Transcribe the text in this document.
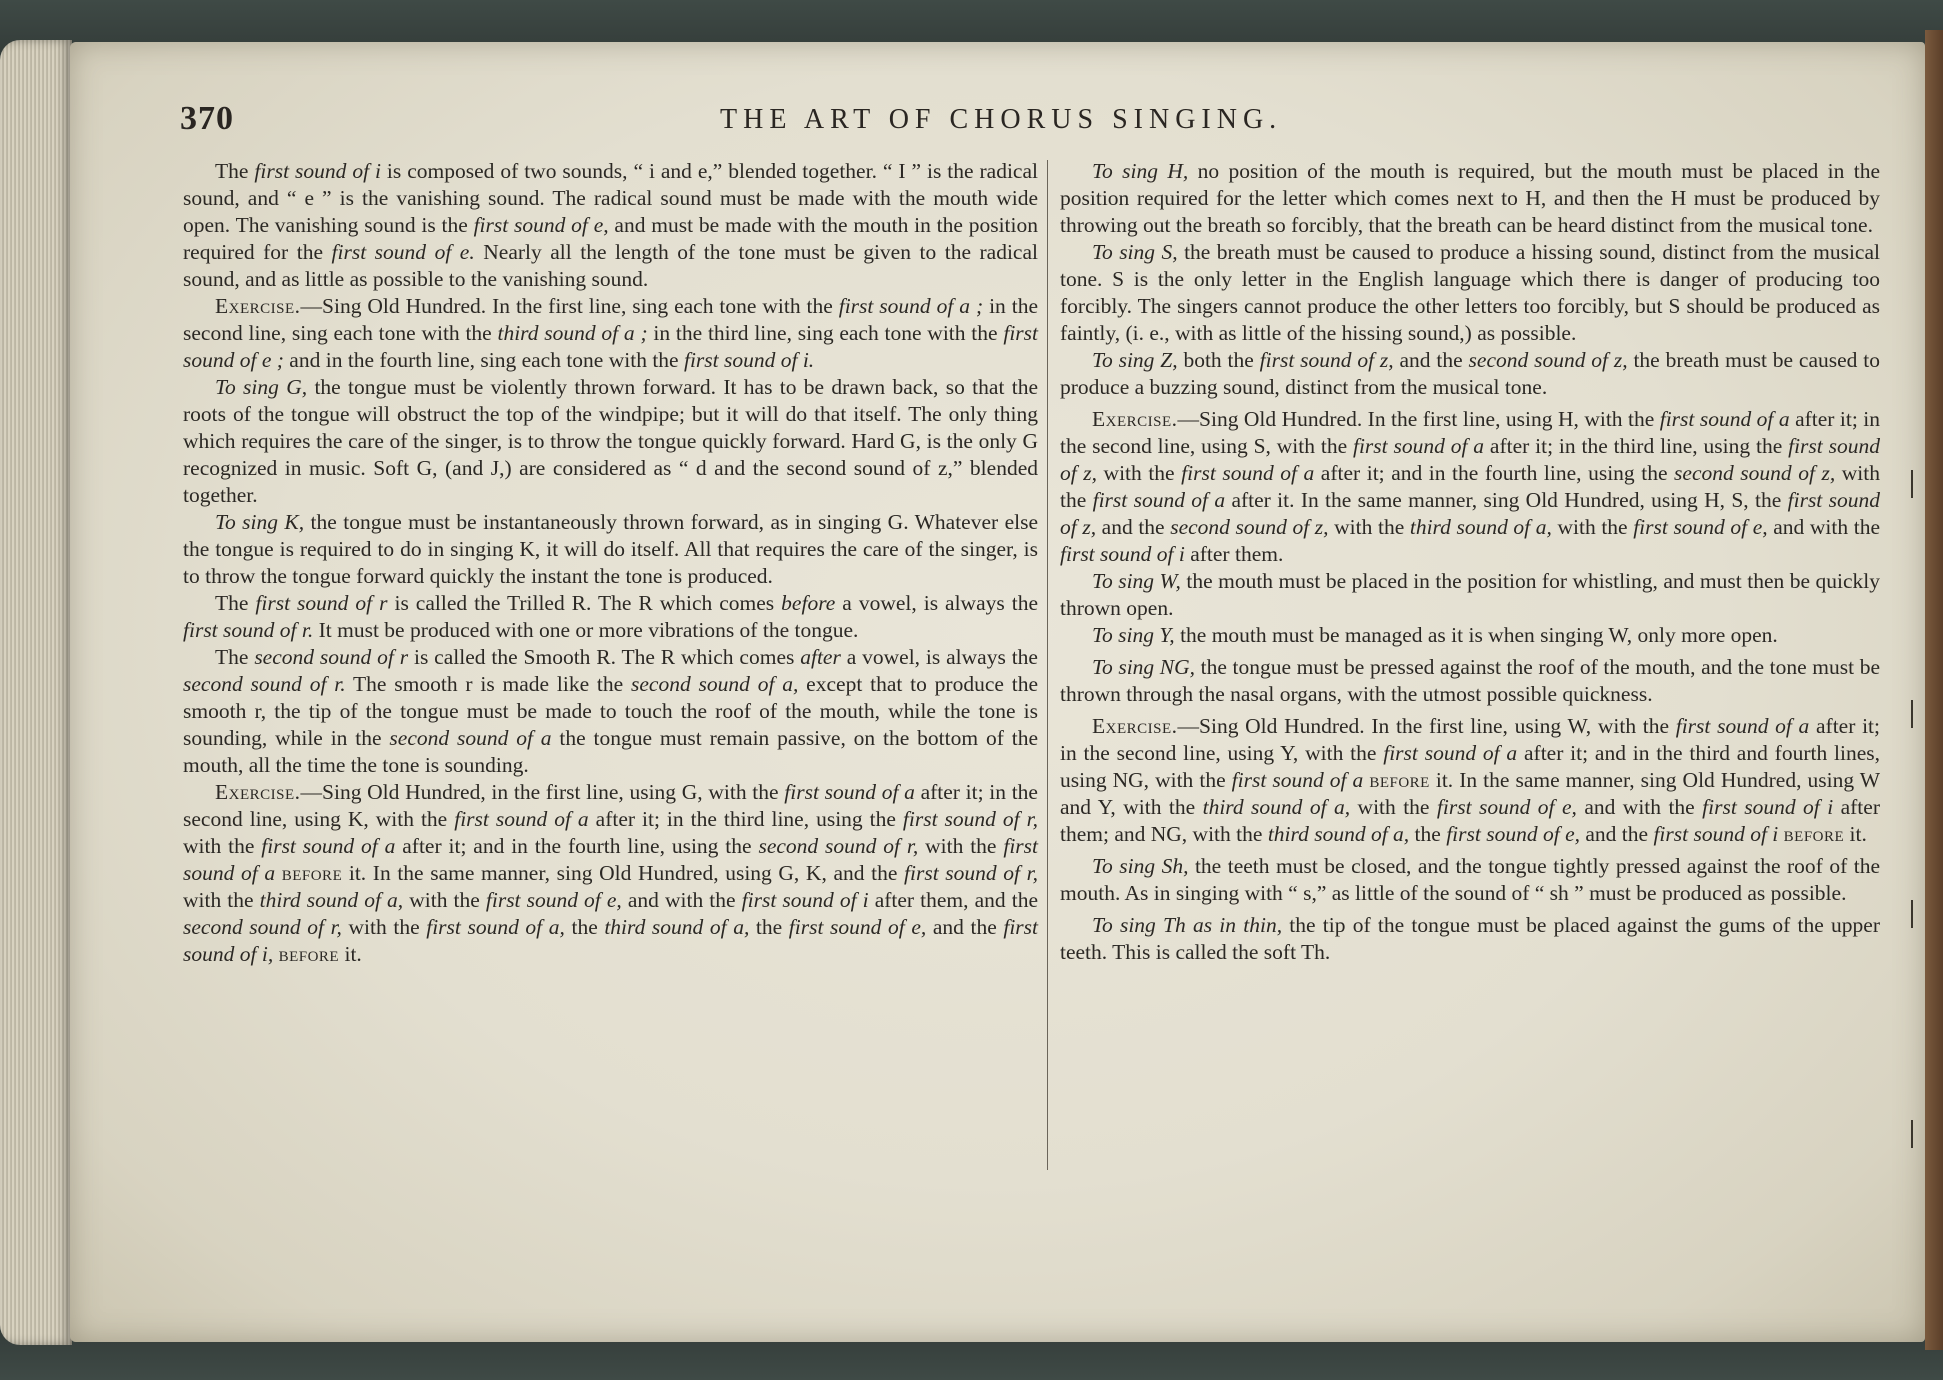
370	THE ART OF CHORUS SINGING.

The first sound of i is composed of two sounds, “ i and e,” blended together. “ I ” is the radical sound, and “ e ” is the vanishing sound. The radical sound must be made with the mouth wide open. The vanishing sound is the first sound of e, and must be made with the mouth in the position required for the first sound of e. Nearly all the length of the tone must be given to the radical sound, and as little as possible to the vanishing sound.

Exercise.—Sing Old Hundred. In the first line, sing each tone with the first sound of a ; in the second line, sing each tone with the third sound of a ; in the third line, sing each tone with the first sound of e ; and in the fourth line, sing each tone with the first sound of i.

To sing G, the tongue must be violently thrown forward. It has to be drawn back, so that the roots of the tongue will obstruct the top of the windpipe; but it will do that itself. The only thing which requires the care of the singer, is to throw the tongue quickly forward. Hard G, is the only G recognized in music. Soft G, (and J,) are considered as “ d and the second sound of z,” blended together.

To sing K, the tongue must be instantaneously thrown forward, as in singing G. Whatever else the tongue is required to do in singing K, it will do itself. All that requires the care of the singer, is to throw the tongue forward quickly the instant the tone is produced.

The first sound of r is called the Trilled R. The R which comes before a vowel, is always the first sound of r. It must be produced with one or more vibrations of the tongue.

The second sound of r is called the Smooth R. The R which comes after a vowel, is always the second sound of r. The smooth r is made like the second sound of a, except that to produce the smooth r, the tip of the tongue must be made to touch the roof of the mouth, while the tone is sounding, while in the second sound of a the tongue must remain passive, on the bottom of the mouth, all the time the tone is sounding.

Exercise.—Sing Old Hundred, in the first line, using G, with the first sound of a after it; in the second line, using K, with the first sound of a after it; in the third line, using the first sound of r, with the first sound of a after it; and in the fourth line, using the second sound of r, with the first sound of a before it. In the same manner, sing Old Hundred, using G, K, and the first sound of r, with the third sound of a, with the first sound of e, and with the first sound of i after them, and the second sound of r, with the first sound of a, the third sound of a, the first sound of e, and the first sound of i, before it.

To sing H, no position of the mouth is required, but the mouth must be placed in the position required for the letter which comes next to H, and then the H must be produced by throwing out the breath so forcibly, that the breath can be heard distinct from the musical tone.

To sing S, the breath must be caused to produce a hissing sound, distinct from the musical tone. S is the only letter in the English language which there is danger of producing too forcibly. The singers cannot produce the other letters too forcibly, but S should be produced as faintly, (i. e., with as little of the hissing sound,) as possible.

To sing Z, both the first sound of z, and the second sound of z, the breath must be caused to produce a buzzing sound, distinct from the musical tone.

Exercise.—Sing Old Hundred. In the first line, using H, with the first sound of a after it; in the second line, using S, with the first sound of a after it; in the third line, using the first sound of z, with the first sound of a after it; and in the fourth line, using the second sound of z, with the first sound of a after it. In the same manner, sing Old Hundred, using H, S, the first sound of z, and the second sound of z, with the third sound of a, with the first sound of e, and with the first sound of i after them.

To sing W, the mouth must be placed in the position for whistling, and must then be quickly thrown open.

To sing Y, the mouth must be managed as it is when singing W, only more open.

To sing NG, the tongue must be pressed against the roof of the mouth, and the tone must be thrown through the nasal organs, with the utmost possible quickness.

Exercise.—Sing Old Hundred. In the first line, using W, with the first sound of a after it; in the second line, using Y, with the first sound of a after it; and in the third and fourth lines, using NG, with the first sound of a before it. In the same manner, sing Old Hundred, using W and Y, with the third sound of a, with the first sound of e, and with the first sound of i after them; and NG, with the third sound of a, the first sound of e, and the first sound of i before it.

To sing Sh, the teeth must be closed, and the tongue tightly pressed against the roof of the mouth. As in singing with “ s,” as little of the sound of “ sh ” must be produced as possible.

To sing Th as in thin, the tip of the tongue must be placed against the gums of the upper teeth. This is called the soft Th.
